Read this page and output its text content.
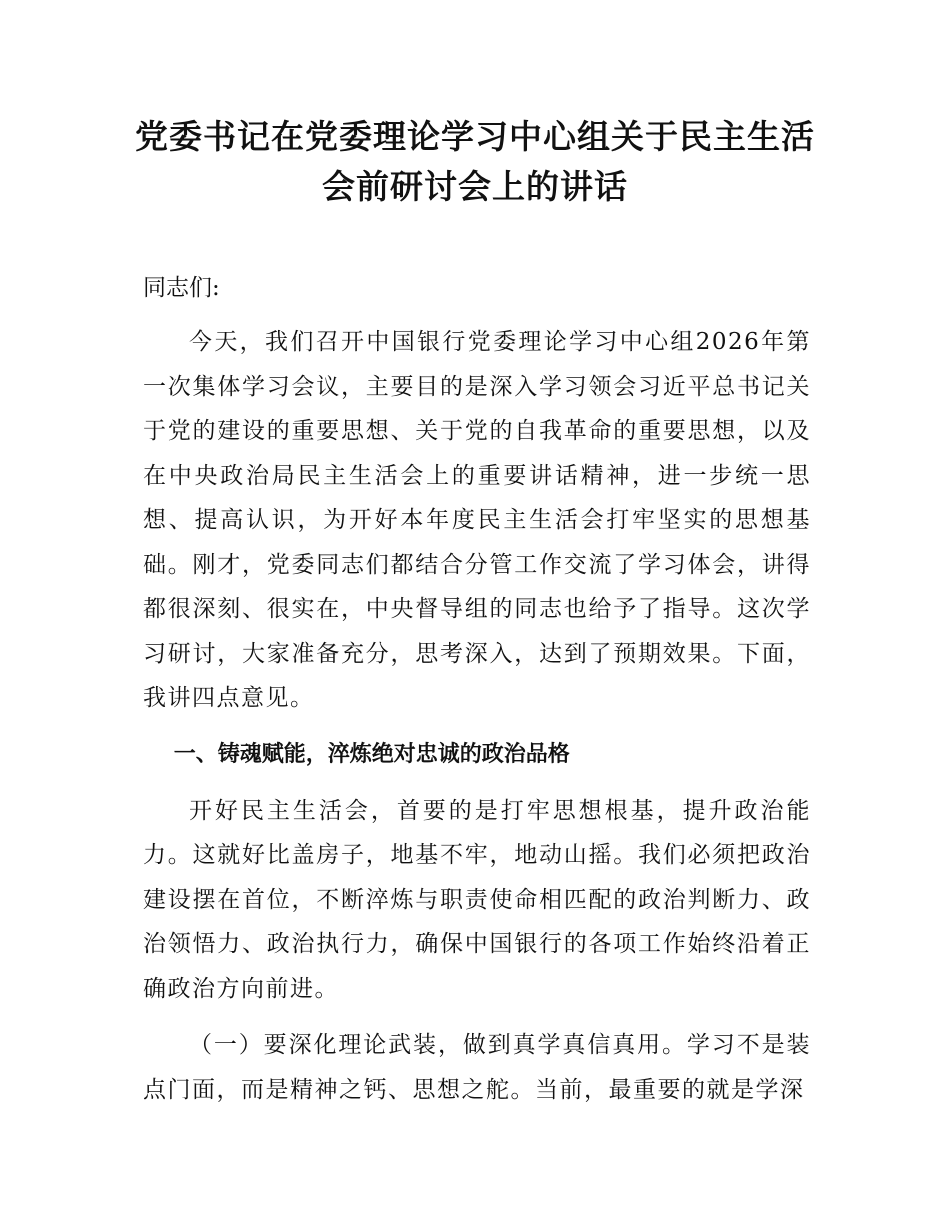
党委书记在党委理论学习中心组关于民主生活会前研讨会上的讲话

同志们:

今天，我们召开中国银行党委理论学习中心组2026年第一次集体学习会议，主要目的是深入学习领会习近平总书记关于党的建设的重要思想、关于党的自我革命的重要思想，以及在中央政治局民主生活会上的重要讲话精神，进一步统一思想、提高认识，为开好本年度民主生活会打牢坚实的思想基础。刚才，党委同志们都结合分管工作交流了学习体会，讲得都很深刻、很实在，中央督导组的同志也给予了指导。这次学习研讨，大家准备充分，思考深入，达到了预期效果。下面，我讲四点意见。

一、铸魂赋能，淬炼绝对忠诚的政治品格

开好民主生活会，首要的是打牢思想根基，提升政治能力。这就好比盖房子，地基不牢，地动山摇。我们必须把政治建设摆在首位，不断淬炼与职责使命相匹配的政治判断力、政治领悟力、政治执行力，确保中国银行的各项工作始终沿着正确政治方向前进。

（一）要深化理论武装，做到真学真信真用。学习不是装点门面，而是精神之钙、思想之舵。当前，最重要的就是学深
